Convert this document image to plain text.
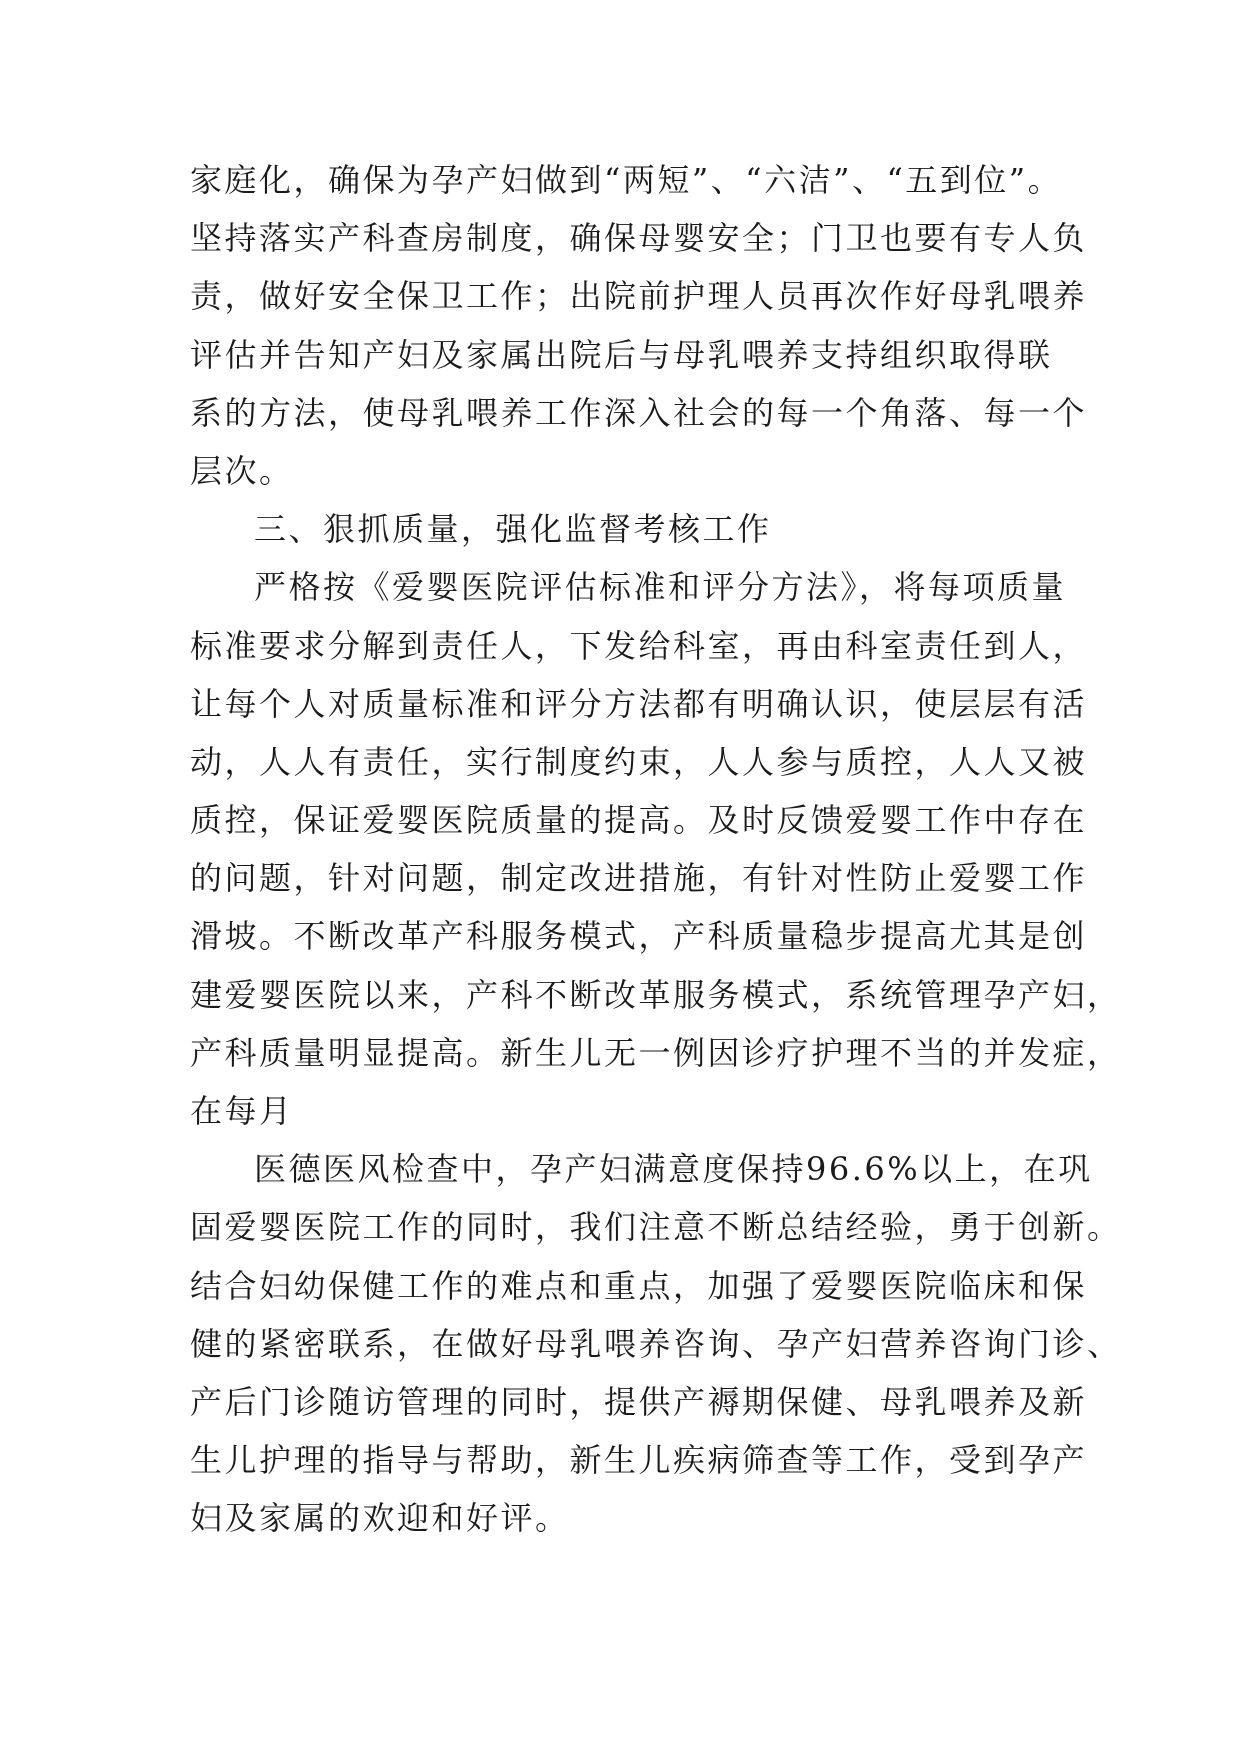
家庭化，确保为孕产妇做到“两短”、“六洁”、“五到位”。
坚持落实产科查房制度，确保母婴安全；门卫也要有专人负
责，做好安全保卫工作；出院前护理人员再次作好母乳喂养
评估并告知产妇及家属出院后与母乳喂养支持组织取得联
系的方法，使母乳喂养工作深入社会的每一个角落、每一个
层次。
三、狠抓质量，强化监督考核工作
严格按《爱婴医院评估标准和评分方法》，将每项质量
标准要求分解到责任人，下发给科室，再由科室责任到人，
让每个人对质量标准和评分方法都有明确认识，使层层有活
动，人人有责任，实行制度约束，人人参与质控，人人又被
质控，保证爱婴医院质量的提高。及时反馈爱婴工作中存在
的问题，针对问题，制定改进措施，有针对性防止爱婴工作
滑坡。不断改革产科服务模式，产科质量稳步提高尤其是创
建爱婴医院以来，产科不断改革服务模式，系统管理孕产妇，
产科质量明显提高。新生儿无一例因诊疗护理不当的并发症，
在每月
医德医风检查中，孕产妇满意度保持96.6%以上，在巩
固爱婴医院工作的同时，我们注意不断总结经验，勇于创新。
结合妇幼保健工作的难点和重点，加强了爱婴医院临床和保
健的紧密联系，在做好母乳喂养咨询、孕产妇营养咨询门诊、
产后门诊随访管理的同时，提供产褥期保健、母乳喂养及新
生儿护理的指导与帮助，新生儿疾病筛查等工作，受到孕产
妇及家属的欢迎和好评。
